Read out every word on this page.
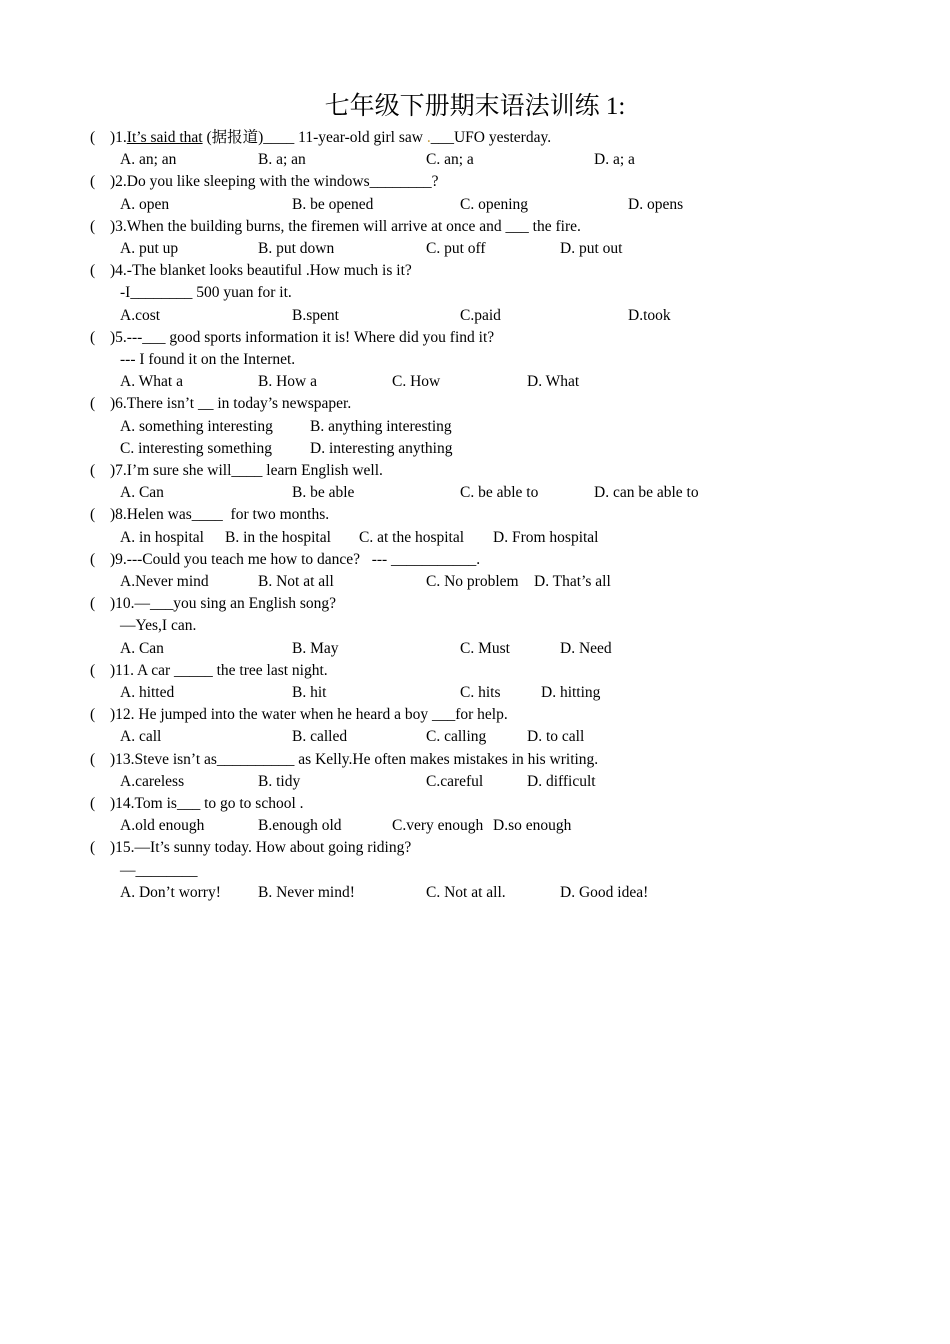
七年级下册期末语法训练 1:
( )1.It’s said that (据报道)____ 11-year-old girl saw .___UFO yesterday.
A. an; an	B. a; an	C. an; a	D. a; a
( )2.Do you like sleeping with the windows________?
A. open	B. be opened	C. opening	D. opens
( )3.When the building burns, the firemen will arrive at once and ___ the fire.
A. put up	B. put down	C. put off	D. put out
( )4.-The blanket looks beautiful .How much is it?
-I________ 500 yuan for it.
A.cost	B.spent	C.paid	D.took
( )5.---___ good sports information it is! Where did you find it?
--- I found it on the Internet.
A. What a	B. How a	C. How	D. What
( )6.There isn’t __ in today’s newspaper.
A. something interesting B. anything interesting
C. interesting something D. interesting anything
( )7.I’m sure she will____ learn English well.
A. Can	B. be able	C. be able to	D. can be able to
( )8.Helen was____  for two months.
A. in hospital B. in the hospital C. at the hospital D. From hospital
( )9.---Could you teach me how to dance?   --- ___________.
A.Never mind	B. Not at all	C. No problem D. That’s all
( )10.—___you sing an English song?
—Yes,I can.
A. Can	B. May	C. Must	D. Need
( )11. A car _____ the tree last night.
A. hitted	B. hit	C. hits	D. hitting
( )12. He jumped into the water when he heard a boy ___for help.
A. call	B. called	C. calling	D. to call
( )13.Steve isn’t as__________ as Kelly.He often makes mistakes in his writing.
A.careless	B. tidy	C.careful	D. difficult
( )14.Tom is___ to go to school .
A.old enough	B.enough old	C.very enough D.so enough
( )15.—It’s sunny today. How about going riding?
—________
A. Don’t worry! B. Never mind!	C. Not at all.	D. Good idea!
